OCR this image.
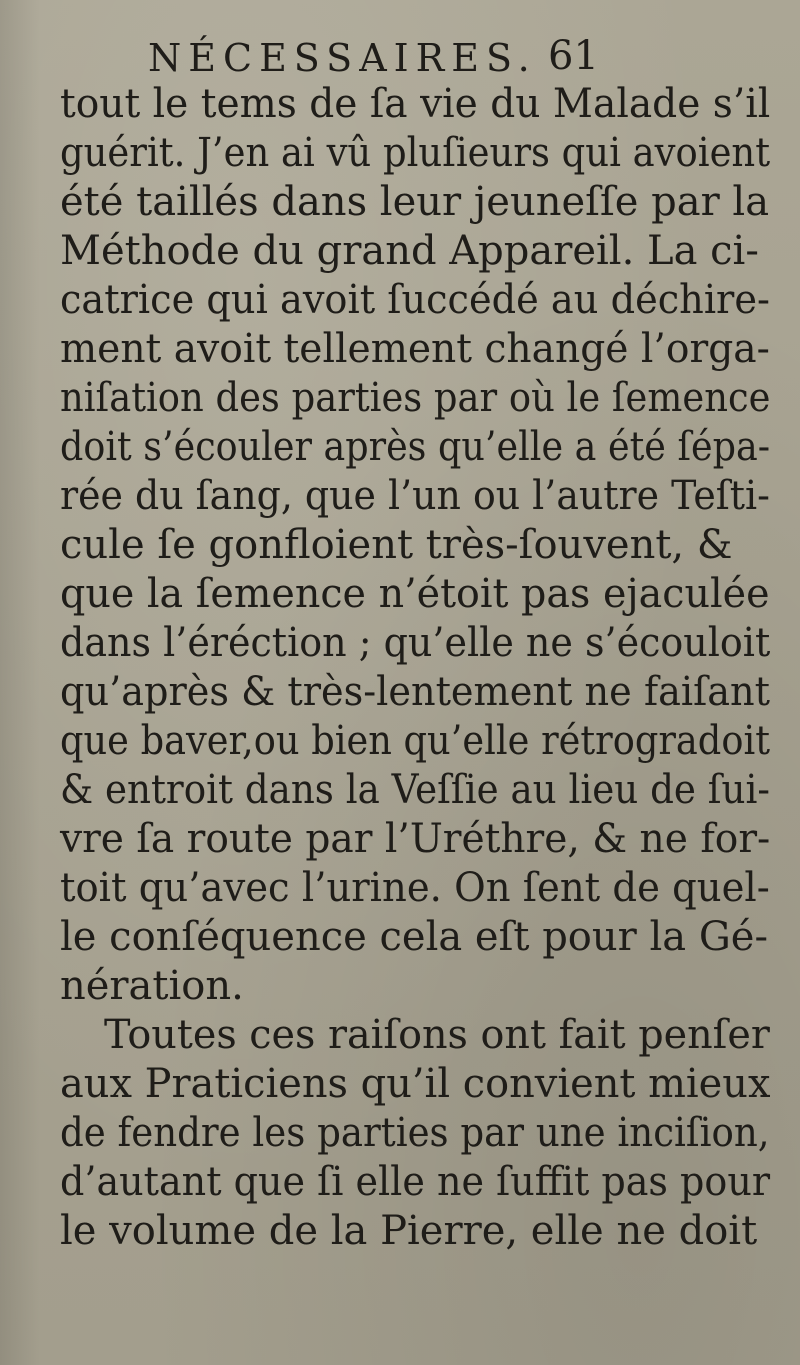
NÉCESSAIRES. 61
tout le tems de ſa vie du Malade s’il
guérit. J’en ai vû pluſieurs qui avoient
été taillés dans leur jeuneſſe par la
Méthode du grand Appareil. La ci-
catrice qui avoit ſuccédé au déchire-
ment avoit tellement changé l’orga-
niſation des parties par où le ſemence
doit s’écouler après qu’elle a été ſépa-
rée du ſang, que l’un ou l’autre Teſti-
cule ſe gonfloient très-ſouvent, &
que la ſemence n’étoit pas ejaculée
dans l’éréction ; qu’elle ne s’écouloit
qu’après & très-lentement ne faiſant
que baver,ou bien qu’elle rétrogradoit
& entroit dans la Veſſie au lieu de ſui-
vre ſa route par l’Uréthre, & ne for-
toit qu’avec l’urine. On ſent de quel-
le conſéquence cela eſt pour la Gé-
nération.
Toutes ces raiſons ont fait penſer
aux Praticiens qu’il convient mieux
de fendre les parties par une inciſion,
d’autant que ſi elle ne ſuffit pas pour
le volume de la Pierre, elle ne doit
